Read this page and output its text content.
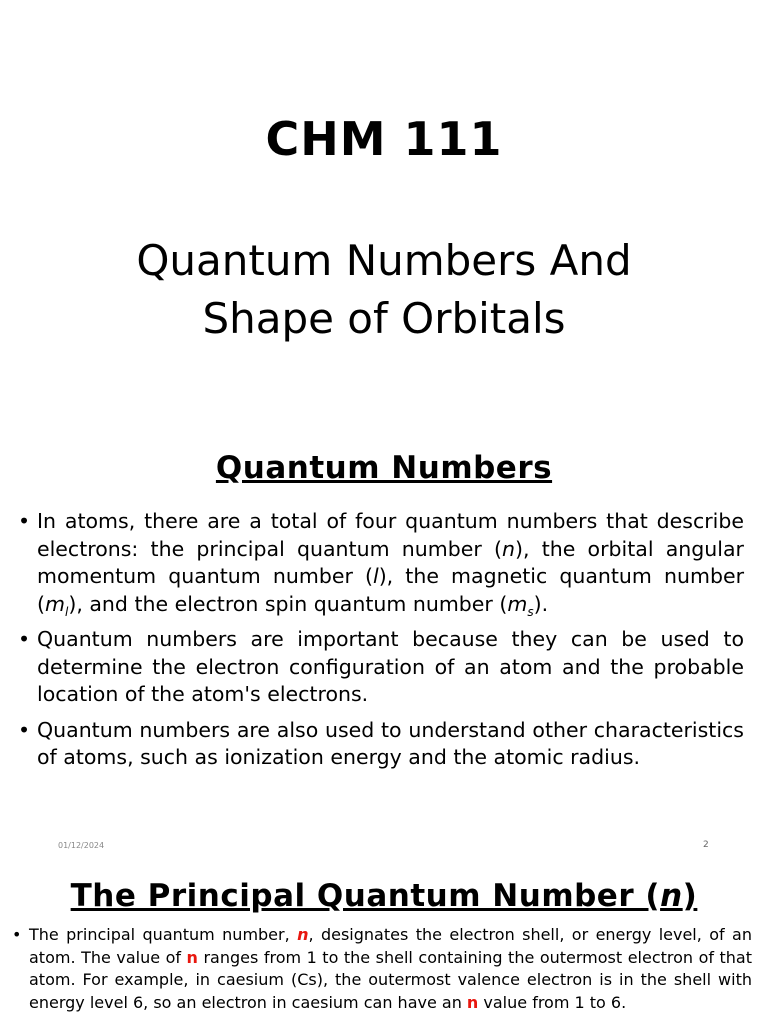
CHM 111
Quantum Numbers And
Shape of Orbitals
Quantum Numbers
• In atoms, there are a total of four quantum numbers that describe electrons: the principal quantum number (n), the orbital angular momentum quantum number (l), the magnetic quantum number $(m_l)$, and the electron spin quantum number $(m_s)$.
• Quantum numbers are important because they can be used to determine the electron configuration of an atom and the probable location of the atom's electrons.
• Quantum numbers are also used to understand other characteristics of atoms, such as ionization energy and the atomic radius.
01/12/2024	2
The Principal Quantum Number (n)
• The principal quantum number, n, designates the electron shell, or energy level, of an atom. The value of n ranges from 1 to the shell containing the outermost electron of that atom. For example, in caesium (Cs), the outermost valence electron is in the shell with energy level 6, so an electron in caesium can have an n value from 1 to 6.
